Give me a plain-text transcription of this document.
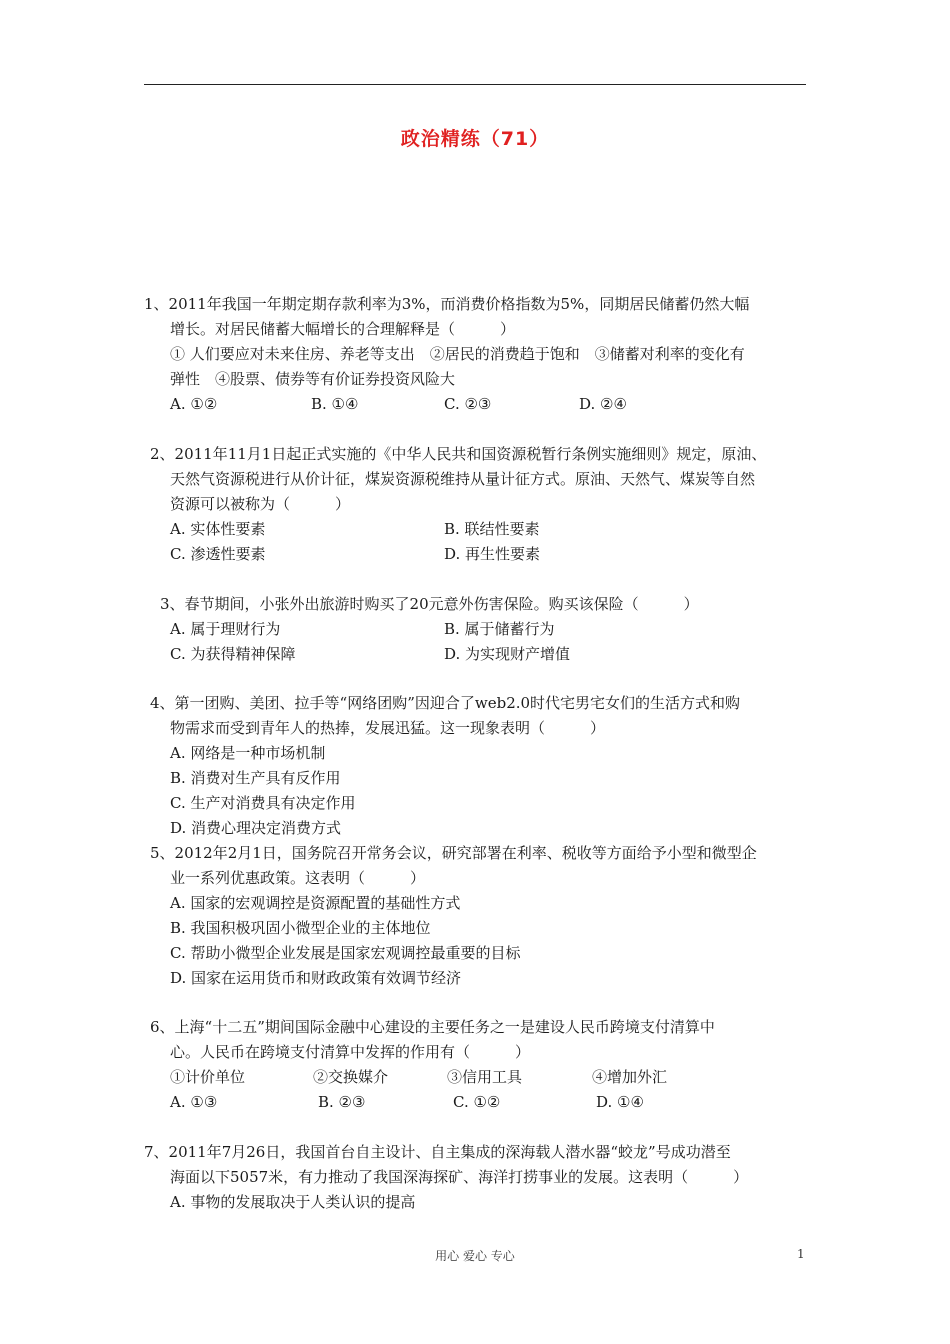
政治精练（71）
1、2011年我国一年期定期存款利率为3%，而消费价格指数为5%，同期居民储蓄仍然大幅
增长。对居民储蓄大幅增长的合理解释是（　　　）
① 人们要应对未来住房、养老等支出　②居民的消费趋于饱和　③储蓄对利率的变化有
弹性　④股票、债券等有价证券投资风险大
A. ①②	B. ①④	C. ②③	D. ②④
2、2011年11月1日起正式实施的《中华人民共和国资源税暂行条例实施细则》规定，原油、
天然气资源税进行从价计征，煤炭资源税维持从量计征方式。原油、天然气、煤炭等自然
资源可以被称为（　　　）
A. 实体性要素	B. 联结性要素
C. 渗透性要素	D. 再生性要素
3、春节期间，小张外出旅游时购买了20元意外伤害保险。购买该保险（　　　）
A. 属于理财行为	B. 属于储蓄行为
C. 为获得精神保障	D. 为实现财产增值
4、第一团购、美团、拉手等“网络团购”因迎合了web2.0时代宅男宅女们的生活方式和购
物需求而受到青年人的热捧，发展迅猛。这一现象表明（　　　）
A. 网络是一种市场机制
B. 消费对生产具有反作用
C. 生产对消费具有决定作用
D. 消费心理决定消费方式
5、2012年2月1日，国务院召开常务会议，研究部署在利率、税收等方面给予小型和微型企
业一系列优惠政策。这表明（　　　）
A. 国家的宏观调控是资源配置的基础性方式
B. 我国积极巩固小微型企业的主体地位
C. 帮助小微型企业发展是国家宏观调控最重要的目标
D. 国家在运用货币和财政政策有效调节经济
6、上海“十二五”期间国际金融中心建设的主要任务之一是建设人民币跨境支付清算中
心。人民币在跨境支付清算中发挥的作用有（　　　）
①计价单位	②交换媒介	③信用工具	④增加外汇
A. ①③	B. ②③	C. ①②	D. ①④
7、2011年7月26日，我国首台自主设计、自主集成的深海载人潜水器“蛟龙”号成功潜至
海面以下5057米，有力推动了我国深海探矿、海洋打捞事业的发展。这表明（　　　）
A. 事物的发展取决于人类认识的提高
用心 爱心 专心	1
